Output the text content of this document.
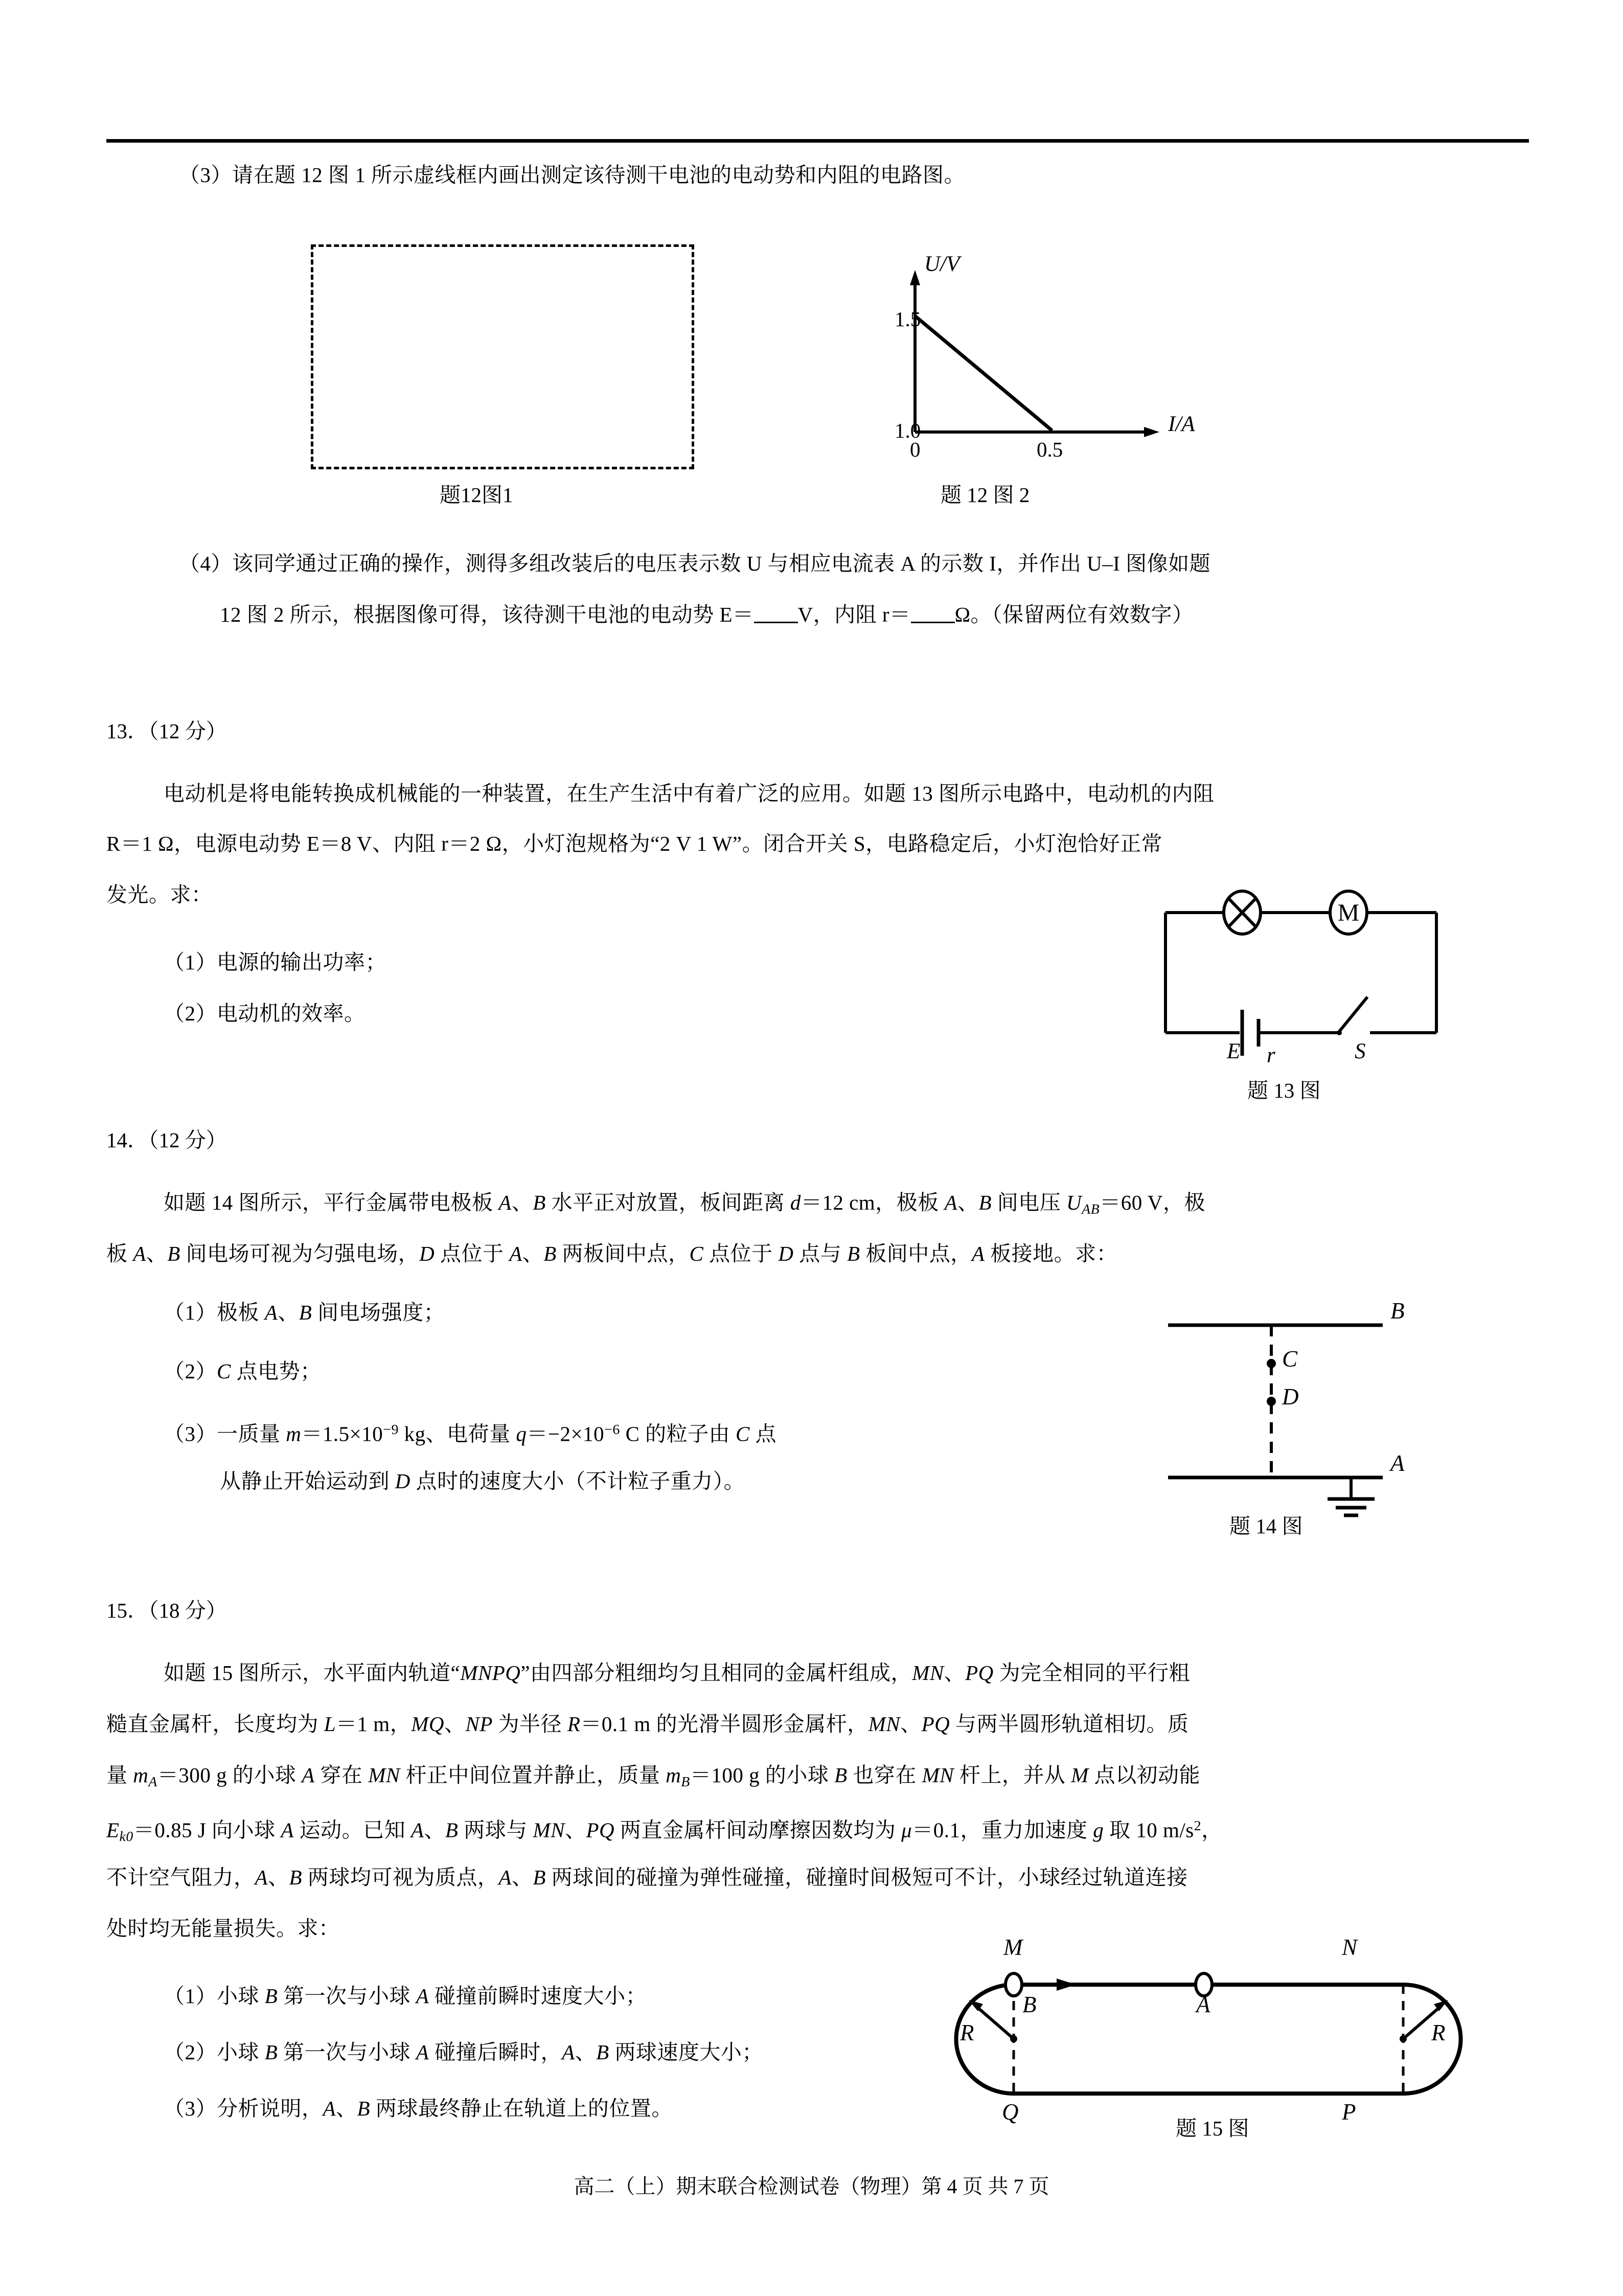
（3）请在题 12 图 1 所示虚线框内画出测定该待测干电池的电动势和内阻的电路图。
题12图1
1.5
1.0
0	0.5
I/A
U/V
题 12 图 2
（4）该同学通过正确的操作，测得多组改装后的电压表示数 U 与相应电流表 A 的示数 I，并作出 U–I 图像如题
12 图 2 所示，根据图像可得，该待测干电池的电动势 E＝ V，内阻 r＝ Ω。（保留两位有效数字）
13．（12 分）
电动机是将电能转换成机械能的一种装置，在生产生活中有着广泛的应用。如题 13 图所示电路中，电动机的内阻
R＝1 Ω，电源电动势 E＝8 V、内阻 r＝2 Ω，小灯泡规格为“2 V 1 W”。闭合开关 S，电路稳定后，小灯泡恰好正常
发光。求：
（1）电源的输出功率；
（2）电动机的效率。
M
E r	S
题 13 图
14．（12 分）
如题 14 图所示，平行金属带电极板 A、B 水平正对放置，板间距离 d＝12 cm，极板 A、B 间电压 $U_{AB}=60$ V，极
板 A、B 间电场可视为匀强电场，D 点位于 A、B 两板间中点，C 点位于 D 点与 B 板间中点，A 板接地。求：
（1）极板 A、B 间电场强度；
（2）C 点电势；
（3）一质量 $m=1.5\times 10^{-9}$ kg、电荷量 $q=-2\times 10^{-6}$ C 的粒子由 C 点
从静止开始运动到 D 点时的速度大小（不计粒子重力）。
B
A
C
D
题 14 图
15．（18 分）
如题 15 图所示，水平面内轨道“MNPQ”由四部分粗细均匀且相同的金属杆组成，MN、PQ 为完全相同的平行粗
糙直金属杆，长度均为 L＝1 m，MQ、NP 为半径 R＝0.1 m 的光滑半圆形金属杆，MN、PQ 与两半圆形轨道相切。质
量 $m_A=300$ g 的小球 A 穿在 MN 杆正中间位置并静止，质量 $m_B=100$ g 的小球 B 也穿在 MN 杆上，并从 M 点以初动能
$E_{k0}=0.85$ J 向小球 A 运动。已知 A、B 两球与 MN、PQ 两直金属杆间动摩擦因数均为 μ＝0.1，重力加速度 g 取 10 $m/s^2$，
不计空气阻力，A、B 两球均可视为质点，A、B 两球间的碰撞为弹性碰撞，碰撞时间极短可不计，小球经过轨道连接
处时均无能量损失。求：
（1）小球 B 第一次与小球 A 碰撞前瞬时速度大小；
（2）小球 B 第一次与小球 A 碰撞后瞬时，A、B 两球速度大小；
（3）分析说明，A、B 两球最终静止在轨道上的位置。
M	N
Q	P
B	A
R	R
题 15 图
高二（上）期末联合检测试卷（物理）第 4 页 共 7 页
